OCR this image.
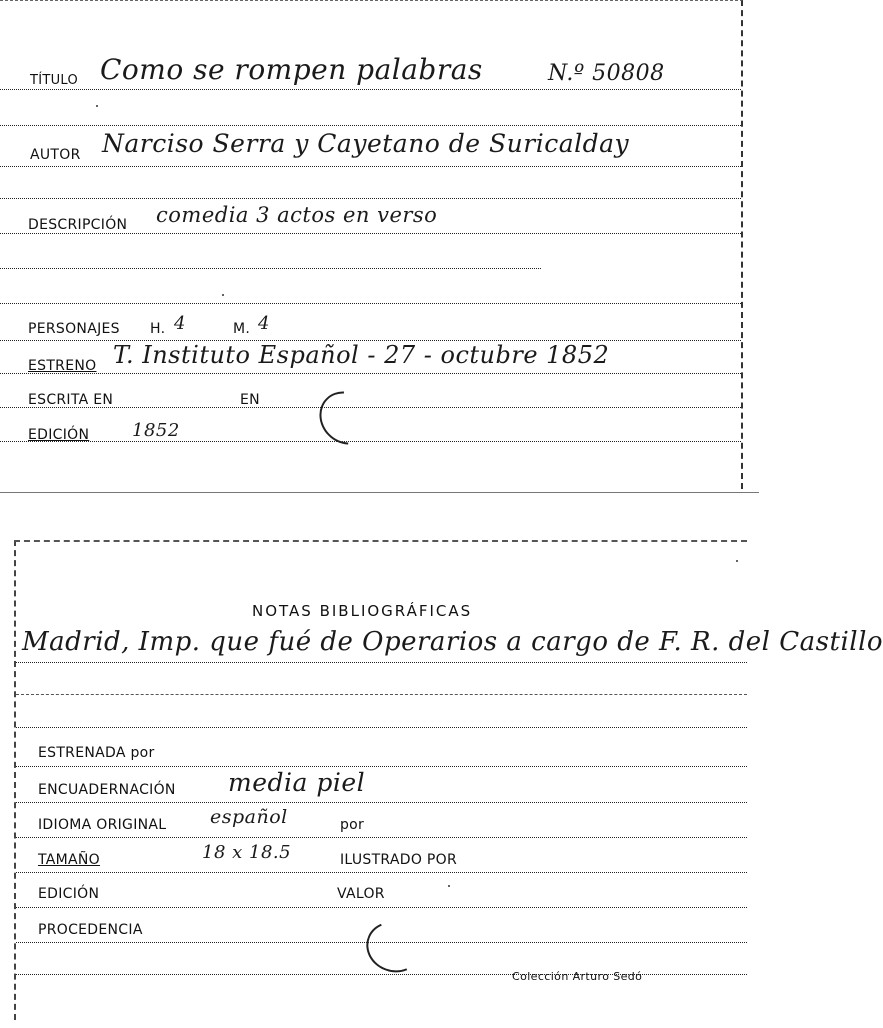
TÍTULO Como se rompen palabras	N.º 50808
AUTOR Narciso Serra y Cayetano de Suricalday
DESCRIPCIÓN comedia 3 actos en verso
PERSONAJES H. 4	M. 4
ESTRENO T. Instituto Español - 27 - octubre 1852
ESCRITA EN	EN
EDICIÓN 1852
NOTAS BIBLIOGRÁFICAS
Madrid, Imp. que fué de Operarios a cargo de F. R. del Castillo
ESTRENADA por
ENCUADERNACIÓN media piel
IDIOMA ORIGINAL español	por
TAMAÑO	18 x 18.5	ILUSTRADO POR
EDICIÓN	VALOR
PROCEDENCIA
Colección Arturo Sedó
